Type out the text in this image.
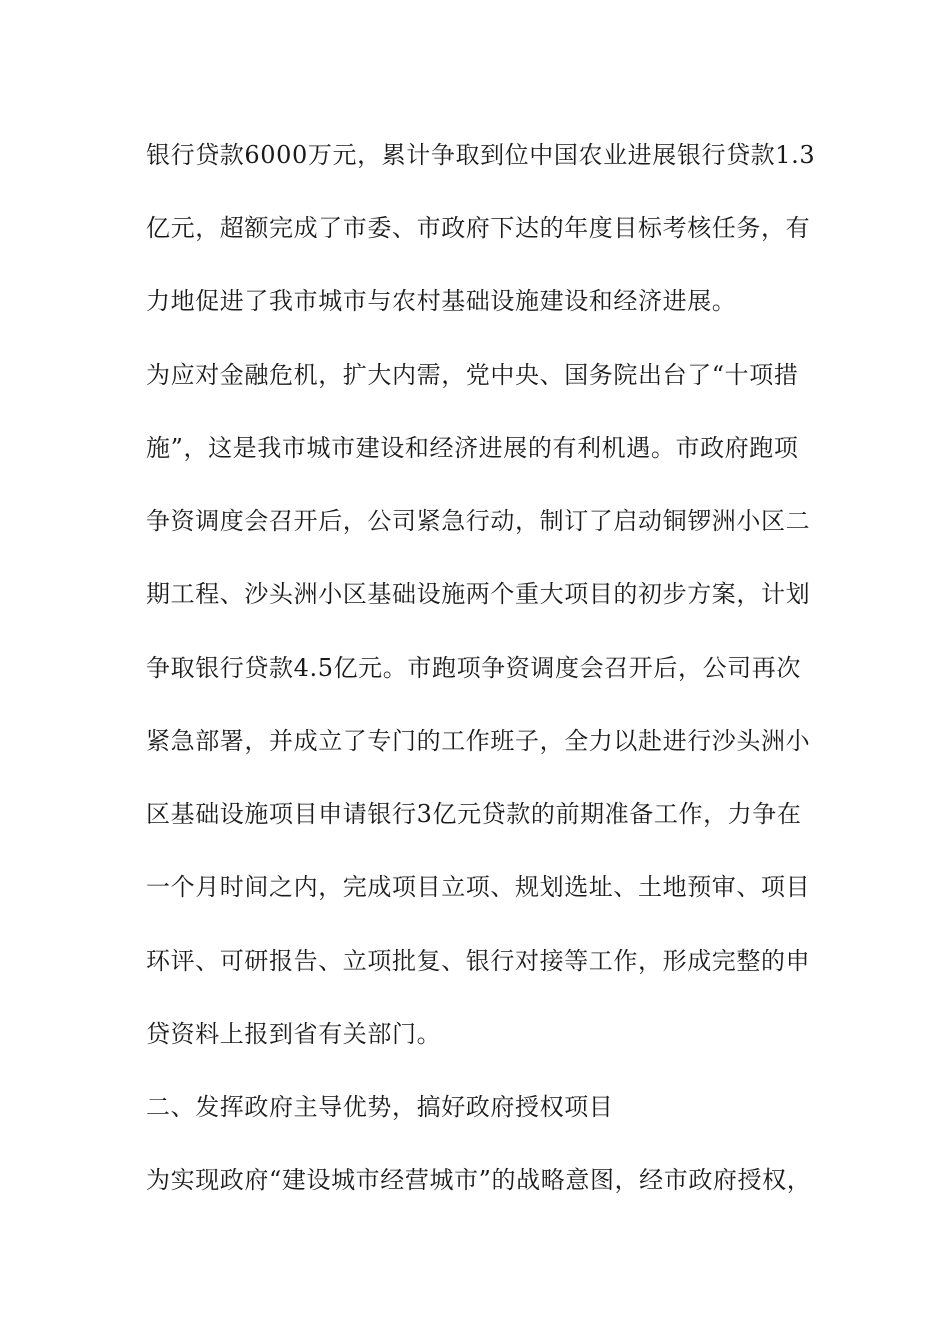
银行贷款6000万元，累计争取到位中国农业进展银行贷款1.3
亿元，超额完成了市委、市政府下达的年度目标考核任务，有
力地促进了我市城市与农村基础设施建设和经济进展。
为应对金融危机，扩大内需，党中央、国务院出台了“十项措
施”，这是我市城市建设和经济进展的有利机遇。市政府跑项
争资调度会召开后，公司紧急行动，制订了启动铜锣洲小区二
期工程、沙头洲小区基础设施两个重大项目的初步方案，计划
争取银行贷款4.5亿元。市跑项争资调度会召开后，公司再次
紧急部署，并成立了专门的工作班子，全力以赴进行沙头洲小
区基础设施项目申请银行3亿元贷款的前期准备工作，力争在
一个月时间之内，完成项目立项、规划选址、土地预审、项目
环评、可研报告、立项批复、银行对接等工作，形成完整的申
贷资料上报到省有关部门。
二、发挥政府主导优势，搞好政府授权项目
为实现政府“建设城市经营城市”的战略意图，经市政府授权，
